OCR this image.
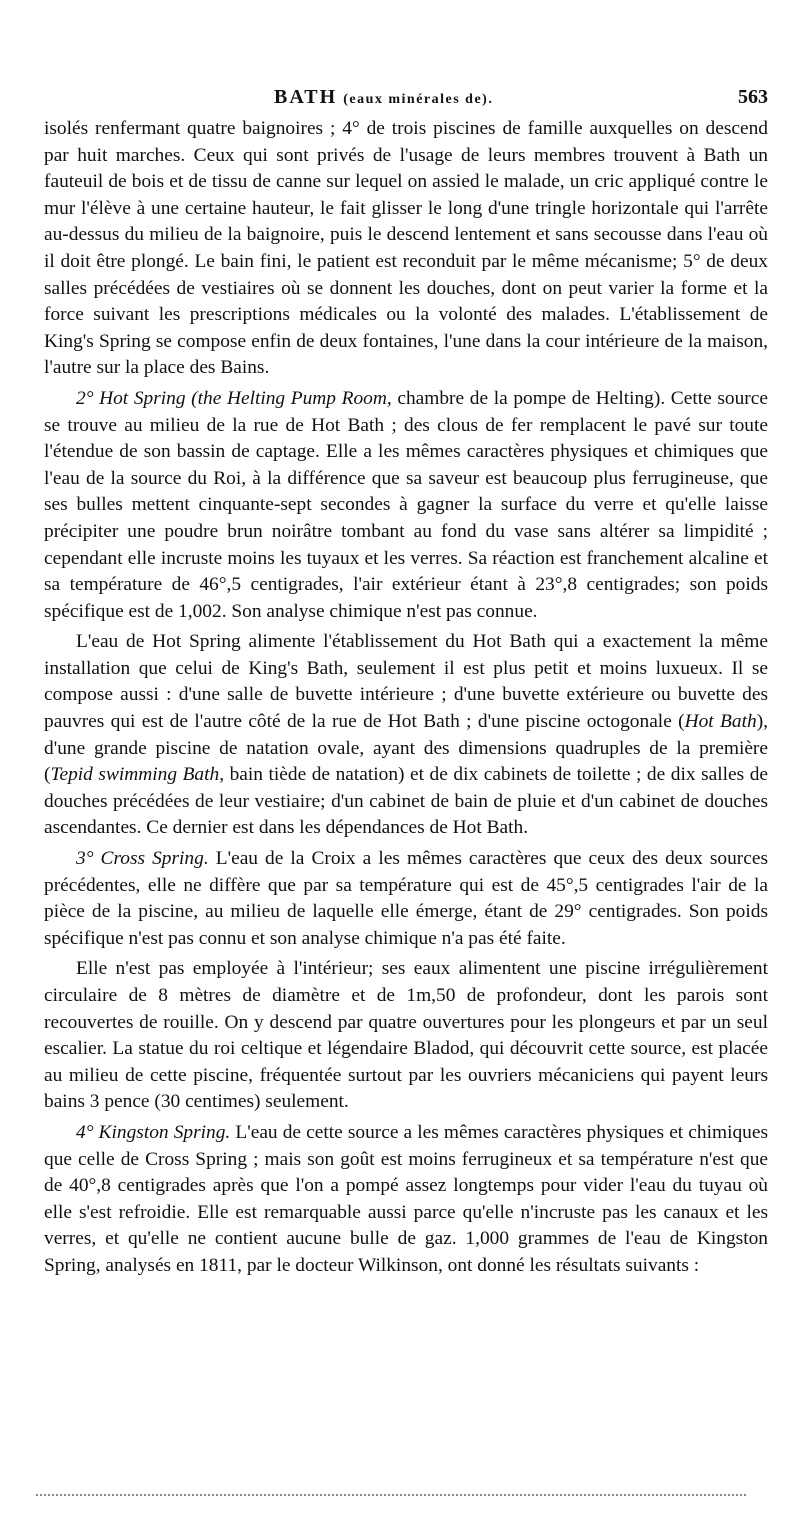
BATH (eaux minérales de).	563

isolés renfermant quatre baignoires ; 4° de trois piscines de famille auxquelles on descend par huit marches. Ceux qui sont privés de l'usage de leurs membres trouvent à Bath un fauteuil de bois et de tissu de canne sur lequel on assied le malade, un cric appliqué contre le mur l'élève à une certaine hauteur, le fait glisser le long d'une tringle horizontale qui l'arrête au-dessus du milieu de la baignoire, puis le descend lentement et sans secousse dans l'eau où il doit être plongé. Le bain fini, le patient est reconduit par le même mécanisme; 5° de deux salles précédées de vestiaires où se donnent les douches, dont on peut varier la forme et la force suivant les prescriptions médicales ou la volonté des malades. L'établissement de King's Spring se compose enfin de deux fontaines, l'une dans la cour intérieure de la maison, l'autre sur la place des Bains.

2° Hot Spring (the Helting Pump Room, chambre de la pompe de Helting). Cette source se trouve au milieu de la rue de Hot Bath ; des clous de fer remplacent le pavé sur toute l'étendue de son bassin de captage. Elle a les mêmes caractères physiques et chimiques que l'eau de la source du Roi, à la différence que sa saveur est beaucoup plus ferrugineuse, que ses bulles mettent cinquante-sept secondes à gagner la surface du verre et qu'elle laisse précipiter une poudre brun noirâtre tombant au fond du vase sans altérer sa limpidité ; cependant elle incruste moins les tuyaux et les verres. Sa réaction est franchement alcaline et sa température de 46°,5 centigrades, l'air extérieur étant à 23°,8 centigrades; son poids spécifique est de 1,002. Son analyse chimique n'est pas connue.

L'eau de Hot Spring alimente l'établissement du Hot Bath qui a exactement la même installation que celui de King's Bath, seulement il est plus petit et moins luxueux. Il se compose aussi : d'une salle de buvette intérieure ; d'une buvette extérieure ou buvette des pauvres qui est de l'autre côté de la rue de Hot Bath ; d'une piscine octogonale (Hot Bath), d'une grande piscine de natation ovale, ayant des dimensions quadruples de la première (Tepid swimming Bath, bain tiède de natation) et de dix cabinets de toilette ; de dix salles de douches précédées de leur vestiaire; d'un cabinet de bain de pluie et d'un cabinet de douches ascendantes. Ce dernier est dans les dépendances de Hot Bath.

3° Cross Spring. L'eau de la Croix a les mêmes caractères que ceux des deux sources précédentes, elle ne diffère que par sa température qui est de 45°,5 centigrades l'air de la pièce de la piscine, au milieu de laquelle elle émerge, étant de 29° centigrades. Son poids spécifique n'est pas connu et son analyse chimique n'a pas été faite.

Elle n'est pas employée à l'intérieur; ses eaux alimentent une piscine irrégulièrement circulaire de 8 mètres de diamètre et de 1m,50 de profondeur, dont les parois sont recouvertes de rouille. On y descend par quatre ouvertures pour les plongeurs et par un seul escalier. La statue du roi celtique et légendaire Bladod, qui découvrit cette source, est placée au milieu de cette piscine, fréquentée surtout par les ouvriers mécaniciens qui payent leurs bains 3 pence (30 centimes) seulement.

4° Kingston Spring. L'eau de cette source a les mêmes caractères physiques et chimiques que celle de Cross Spring ; mais son goût est moins ferrugineux et sa température n'est que de 40°,8 centigrades après que l'on a pompé assez longtemps pour vider l'eau du tuyau où elle s'est refroidie. Elle est remarquable aussi parce qu'elle n'incruste pas les canaux et les verres, et qu'elle ne contient aucune bulle de gaz. 1,000 grammes de l'eau de Kingston Spring, analysés en 1811, par le docteur Wilkinson, ont donné les résultats suivants :
